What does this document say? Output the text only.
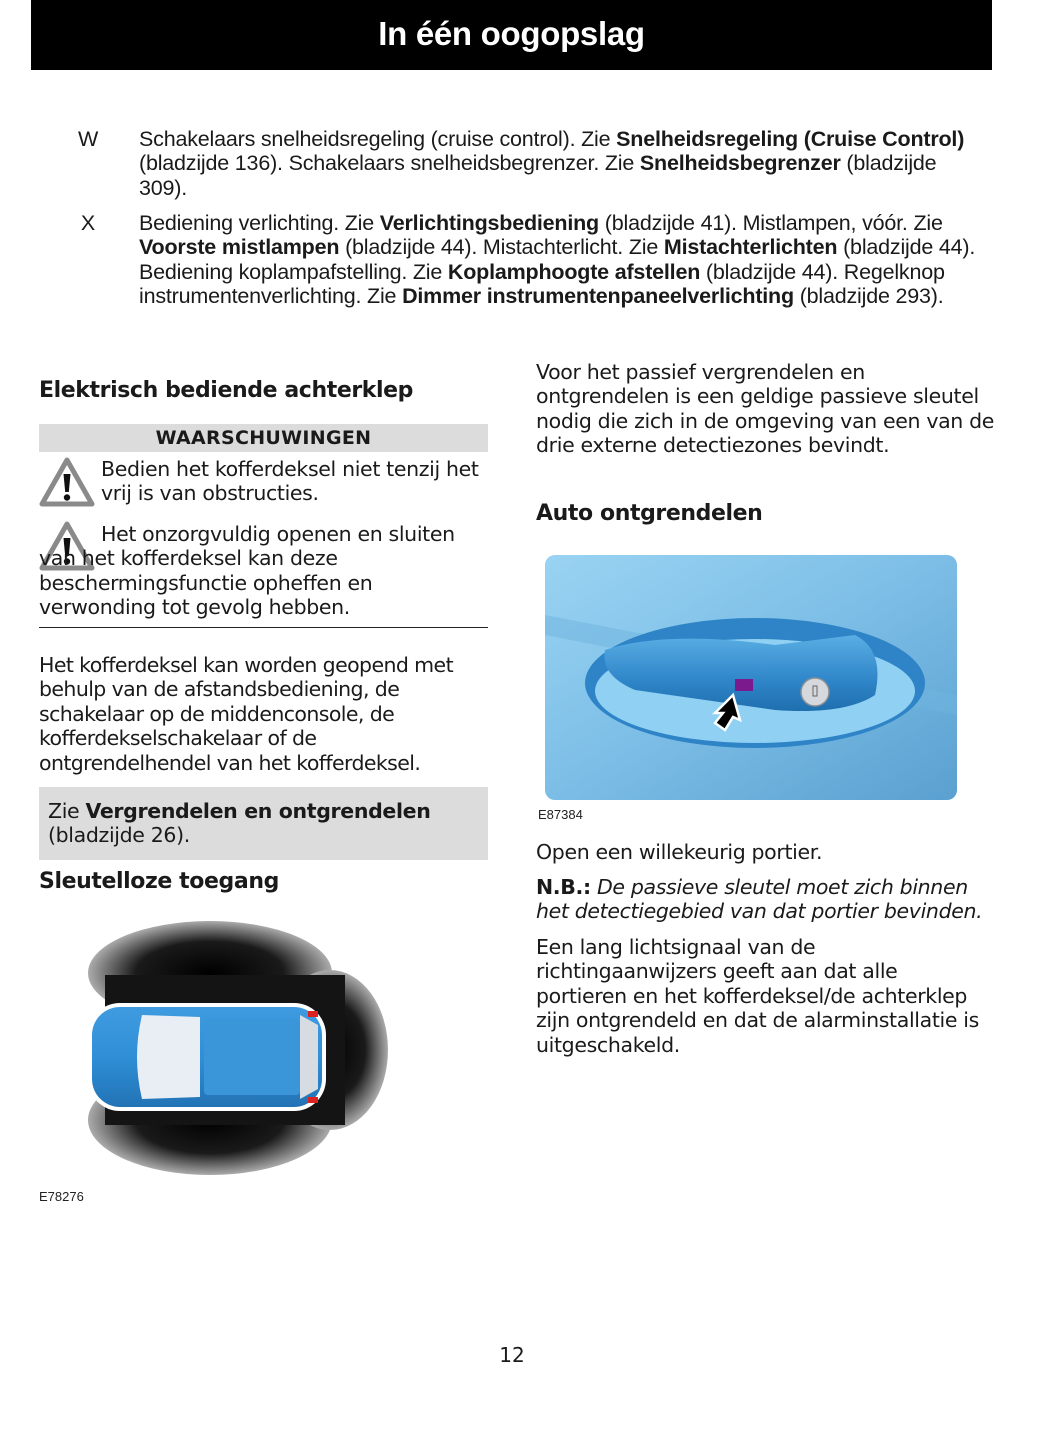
In één oogopslag
W	Schakelaars snelheidsregeling (cruise control). Zie Snelheidsregeling (Cruise Control) (bladzijde 136). Schakelaars snelheidsbegrenzer. Zie Snelheidsbegrenzer (bladzijde 309).
X	Bediening verlichting. Zie Verlichtingsbediening (bladzijde 41). Mistlampen, vóór. Zie Voorste mistlampen (bladzijde 44). Mistachterlicht. Zie Mistachterlichten (bladzijde 44). Bediening koplampafstelling. Zie Koplamphoogte afstellen (bladzijde 44). Regelknop instrumentenverlichting. Zie Dimmer instrumentenpaneelverlichting (bladzijde 293).
Elektrisch bediende achterklep
WAARSCHUWINGEN
Bedien het kofferdeksel niet tenzij het vrij is van obstructies.
Het onzorgvuldig openen en sluiten van het kofferdeksel kan deze beschermingsfunctie opheffen en verwonding tot gevolg hebben.
Het kofferdeksel kan worden geopend met behulp van de afstandsbediening, de schakelaar op de middenconsole, de kofferdekselschakelaar of de ontgrendelhendel van het kofferdeksel.
Zie Vergrendelen en ontgrendelen
(bladzijde 26).
Sleutelloze toegang
E78276
Voor het passief vergrendelen en ontgrendelen is een geldige passieve sleutel nodig die zich in de omgeving van een van de drie externe detectiezones bevindt.
Auto ontgrendelen
E87384
Open een willekeurig portier.
N.B.: De passieve sleutel moet zich binnen het detectiegebied van dat portier bevinden.
Een lang lichtsignaal van de richtingaanwijzers geeft aan dat alle portieren en het kofferdeksel/de achterklep zijn ontgrendeld en dat de alarminstallatie is uitgeschakeld.
12
